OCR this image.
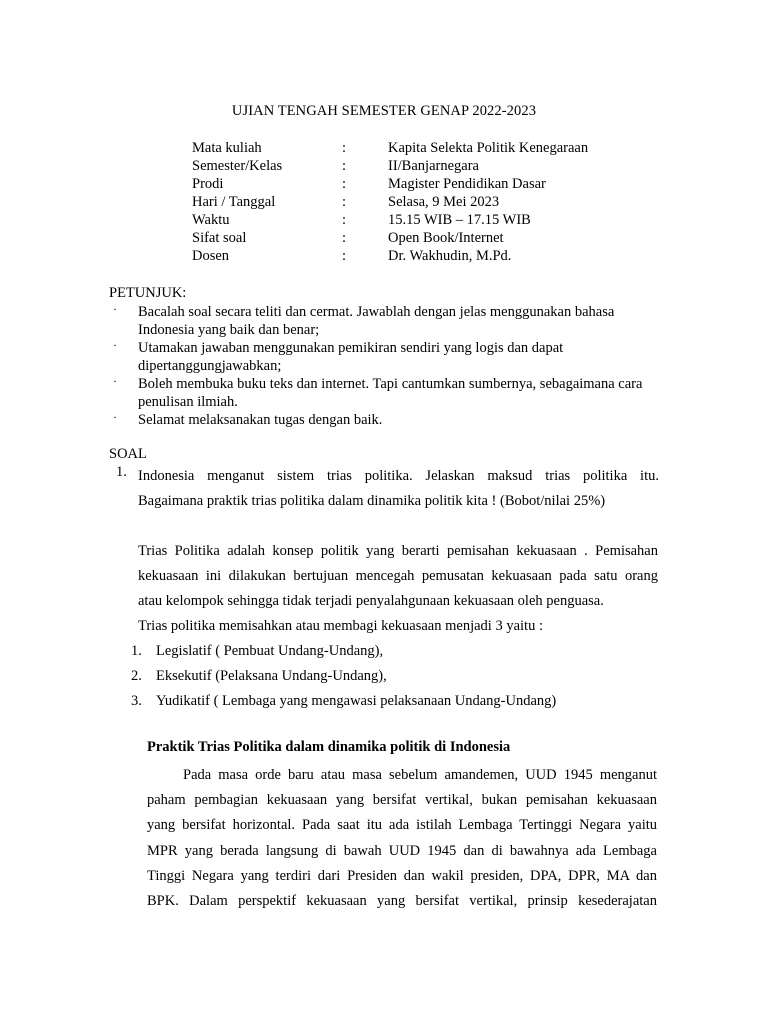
UJIAN TENGAH SEMESTER GENAP 2022-2023
Mata kuliah	:	Kapita Selekta Politik Kenegaraan
Semester/Kelas	:	II/Banjarnegara
Prodi	:	Magister Pendidikan Dasar
Hari / Tanggal	:	Selasa, 9 Mei 2023
Waktu	:	15.15 WIB – 17.15 WIB
Sifat soal	:	Open Book/Internet
Dosen	:	Dr. Wakhudin, M.Pd.
PETUNJUK:
· Bacalah soal secara teliti dan cermat. Jawablah dengan jelas menggunakan bahasa Indonesia yang baik dan benar;
· Utamakan jawaban menggunakan pemikiran sendiri yang logis dan dapat dipertanggungjawabkan;
· Boleh membuka buku teks dan internet. Tapi cantumkan sumbernya, sebagaimana cara penulisan ilmiah.
· Selamat melaksanakan tugas dengan baik.
SOAL
1. Indonesia menganut sistem trias politika. Jelaskan maksud trias politika itu.
Bagaimana praktik trias politika dalam dinamika politik kita ! (Bobot/nilai 25%)

Trias Politika adalah konsep politik yang berarti pemisahan kekuasaan . Pemisahan
kekuasaan ini dilakukan bertujuan mencegah pemusatan kekuasaan pada satu orang
atau kelompok sehingga tidak terjadi penyalahgunaan kekuasaan oleh penguasa.

Trias politika memisahkan atau membagi kekuasaan menjadi 3 yaitu :

1. Legislatif ( Pembuat Undang-Undang),
2. Eksekutif (Pelaksana Undang-Undang),
3. Yudikatif ( Lembaga yang mengawasi pelaksanaan Undang-Undang)
Praktik Trias Politika dalam dinamika politik di Indonesia
Pada masa orde baru atau masa sebelum amandemen, UUD 1945 menganut
paham pembagian kekuasaan yang bersifat vertikal, bukan pemisahan kekuasaan
yang bersifat horizontal. Pada saat itu ada istilah Lembaga Tertinggi Negara yaitu
MPR yang berada langsung di bawah UUD 1945 dan di bawahnya ada Lembaga
Tinggi Negara yang terdiri dari Presiden dan wakil presiden, DPA, DPR, MA dan
BPK. Dalam perspektif kekuasaan yang bersifat vertikal, prinsip kesederajatan
